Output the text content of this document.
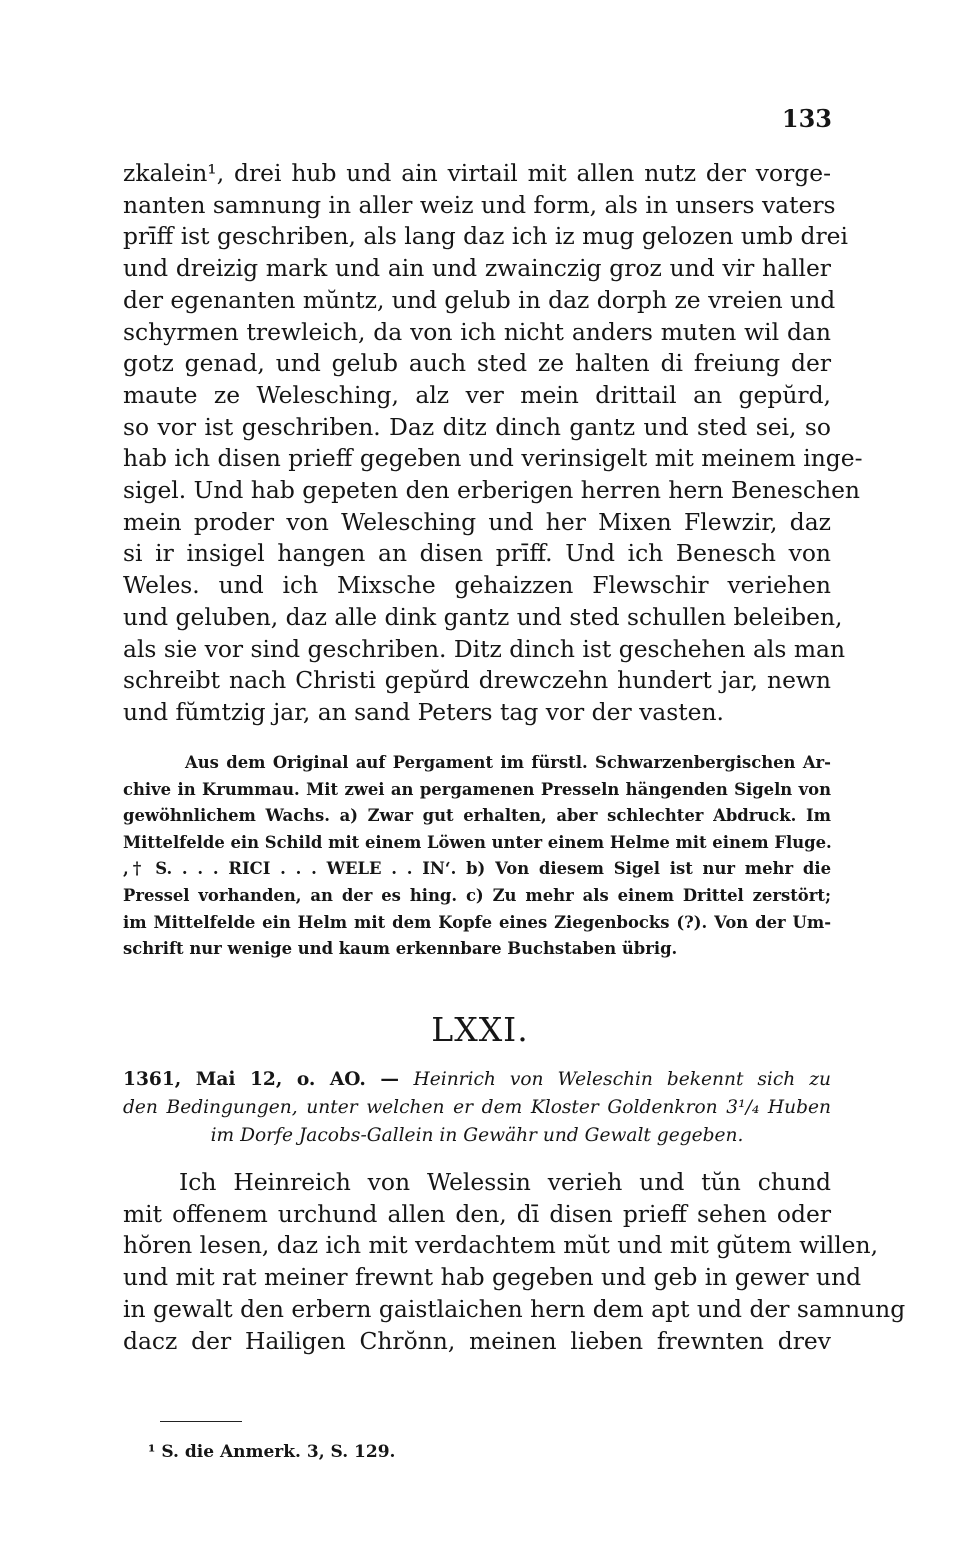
133
zkalein¹, drei hub und ain virtail mit allen nutz der vorge-
nanten samnung in aller weiz und form, als in unsers vaters
prīff ist geschriben, als lang daz ich iz mug gelozen umb drei
und dreizig mark und ain und zwainczig groz und vir haller
der egenanten mŭntz, und gelub in daz dorph ze vreien und
schyrmen trewleich, da von ich nicht anders muten wil dan
gotz genad, und gelub auch sted ze halten di freiung der
maute ze Welesching, alz ver mein drittail an gepŭrd,
so vor ist geschriben. Daz ditz dinch gantz und sted sei, so
hab ich disen prieff gegeben und verinsigelt mit meinem inge-
sigel. Und hab gepeten den erberigen herren hern Beneschen
mein proder von Welesching und her Mixen Flewzir, daz
si ir insigel hangen an disen prīff. Und ich Benesch von
Weles. und ich Mixsche gehaizzen Flewschir veriehen
und geluben, daz alle dink gantz und sted schullen beleiben,
als sie vor sind geschriben. Ditz dinch ist geschehen als man
schreibt nach Christi gepŭrd drewczehn hundert jar, newn
und fŭmtzig jar, an sand Peters tag vor der vasten.
Aus dem Original auf Pergament im fürstl. Schwarzenbergischen Ar-
chive in Krummau. Mit zwei an pergamenen Presseln hängenden Sigeln von
gewöhnlichem Wachs. a) Zwar gut erhalten, aber schlechter Abdruck. Im
Mittelfelde ein Schild mit einem Löwen unter einem Helme mit einem Fluge.
,† S. . . . RICI . . . WELE . . IN‘. b) Von diesem Sigel ist nur mehr die
Pressel vorhanden, an der es hing. c) Zu mehr als einem Drittel zerstört;
im Mittelfelde ein Helm mit dem Kopfe eines Ziegenbocks (?). Von der Um-
schrift nur wenige und kaum erkennbare Buchstaben übrig.
LXXI.
1361, Mai 12, o. AO. — Heinrich von Weleschin bekennt sich zu
den Bedingungen, unter welchen er dem Kloster Goldenkron 3¹/₄ Huben
im Dorfe Jacobs-Gallein in Gewähr und Gewalt gegeben.
Ich Heinreich von Welessin verieh und tŭn chund
mit offenem urchund allen den, dī disen prieff sehen oder
hŏren lesen, daz ich mit verdachtem mŭt und mit gŭtem willen,
und mit rat meiner frewnt hab gegeben und geb in gewer und
in gewalt den erbern gaistlaichen hern dem apt und der samnung
dacz der Hailigen Chrŏnn, meinen lieben frewnten drev
¹ S. die Anmerk. 3, S. 129.
